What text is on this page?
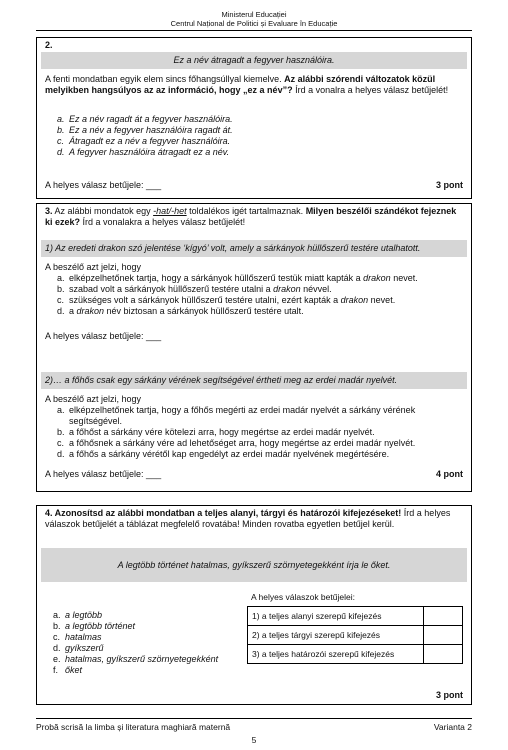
Ministerul Educației
Centrul Național de Politici și Evaluare în Educație
2.
Ez a név átragadt a fegyver használóira.
A fenti mondatban egyik elem sincs főhangsúllyal kiemelve. Az alábbi szórendi változatok közül melyikben hangsúlyos az az információ, hogy „ez a név”? Írd a vonalra a helyes válasz betűjelét!
a. Ez a név ragadt át a fegyver használóira.
b. Ez a név a fegyver használóira ragadt át.
c. Átragadt ez a név a fegyver használóira.
d. A fegyver használóira átragadt ez a név.
A helyes válasz betűjele: ___	3 pont
3. Az alábbi mondatok egy -hat/-het toldalékos igét tartalmaznak. Milyen beszélői szándékot fejeznek ki ezek? Írd a vonalakra a helyes válasz betűjelét!
1) Az eredeti drakon szó jelentése ‘kígyó’ volt, amely a sárkányok hüllőszerű testére utalhatott.
A beszélő azt jelzi, hogy
a. elképzelhetőnek tartja, hogy a sárkányok hüllőszerű testük miatt kapták a drakon nevet.
b. szabad volt a sárkányok hüllőszerű testére utalni a drakon névvel.
c. szükséges volt a sárkányok hüllőszerű testére utalni, ezért kapták a drakon nevet.
d. a drakon név biztosan a sárkányok hüllőszerű testére utalt.
A helyes válasz betűjele: ___
2)… a főhős csak egy sárkány vérének segítségével értheti meg az erdei madár nyelvét.
A beszélő azt jelzi, hogy
a. elképzelhetőnek tartja, hogy a főhős megérti az erdei madár nyelvét a sárkány vérének segítségével.
b. a főhőst a sárkány vére kötelezi arra, hogy megértse az erdei madár nyelvét.
c. a főhősnek a sárkány vére ad lehetőséget arra, hogy megértse az erdei madár nyelvét.
d. a főhős a sárkány vérétől kap engedélyt az erdei madár nyelvének megértésére.
A helyes válasz betűjele: ___	4 pont
4. Azonosítsd az alábbi mondatban a teljes alanyi, tárgyi és határozói kifejezéseket! Írd a helyes válaszok betűjelét a táblázat megfelelő rovatába! Minden rovatba egyetlen betűjel kerül.
A legtöbb történet hatalmas, gyíkszerű szörnyetegekként írja le őket.
a. a legtöbb
b. a legtöbb történet
c. hatalmas
d. gyíkszerű
e. hatalmas, gyíkszerű szörnyetegekként
f. őket
A helyes válaszok betűjelei:
1) a teljes alanyi szerepű kifejezés	
2) a teljes tárgyi szerepű kifejezés	
3) a teljes határozói szerepű kifejezés	
3 pont
Probă scrisă la limba și literatura maghiară maternă	Varianta 2
5
